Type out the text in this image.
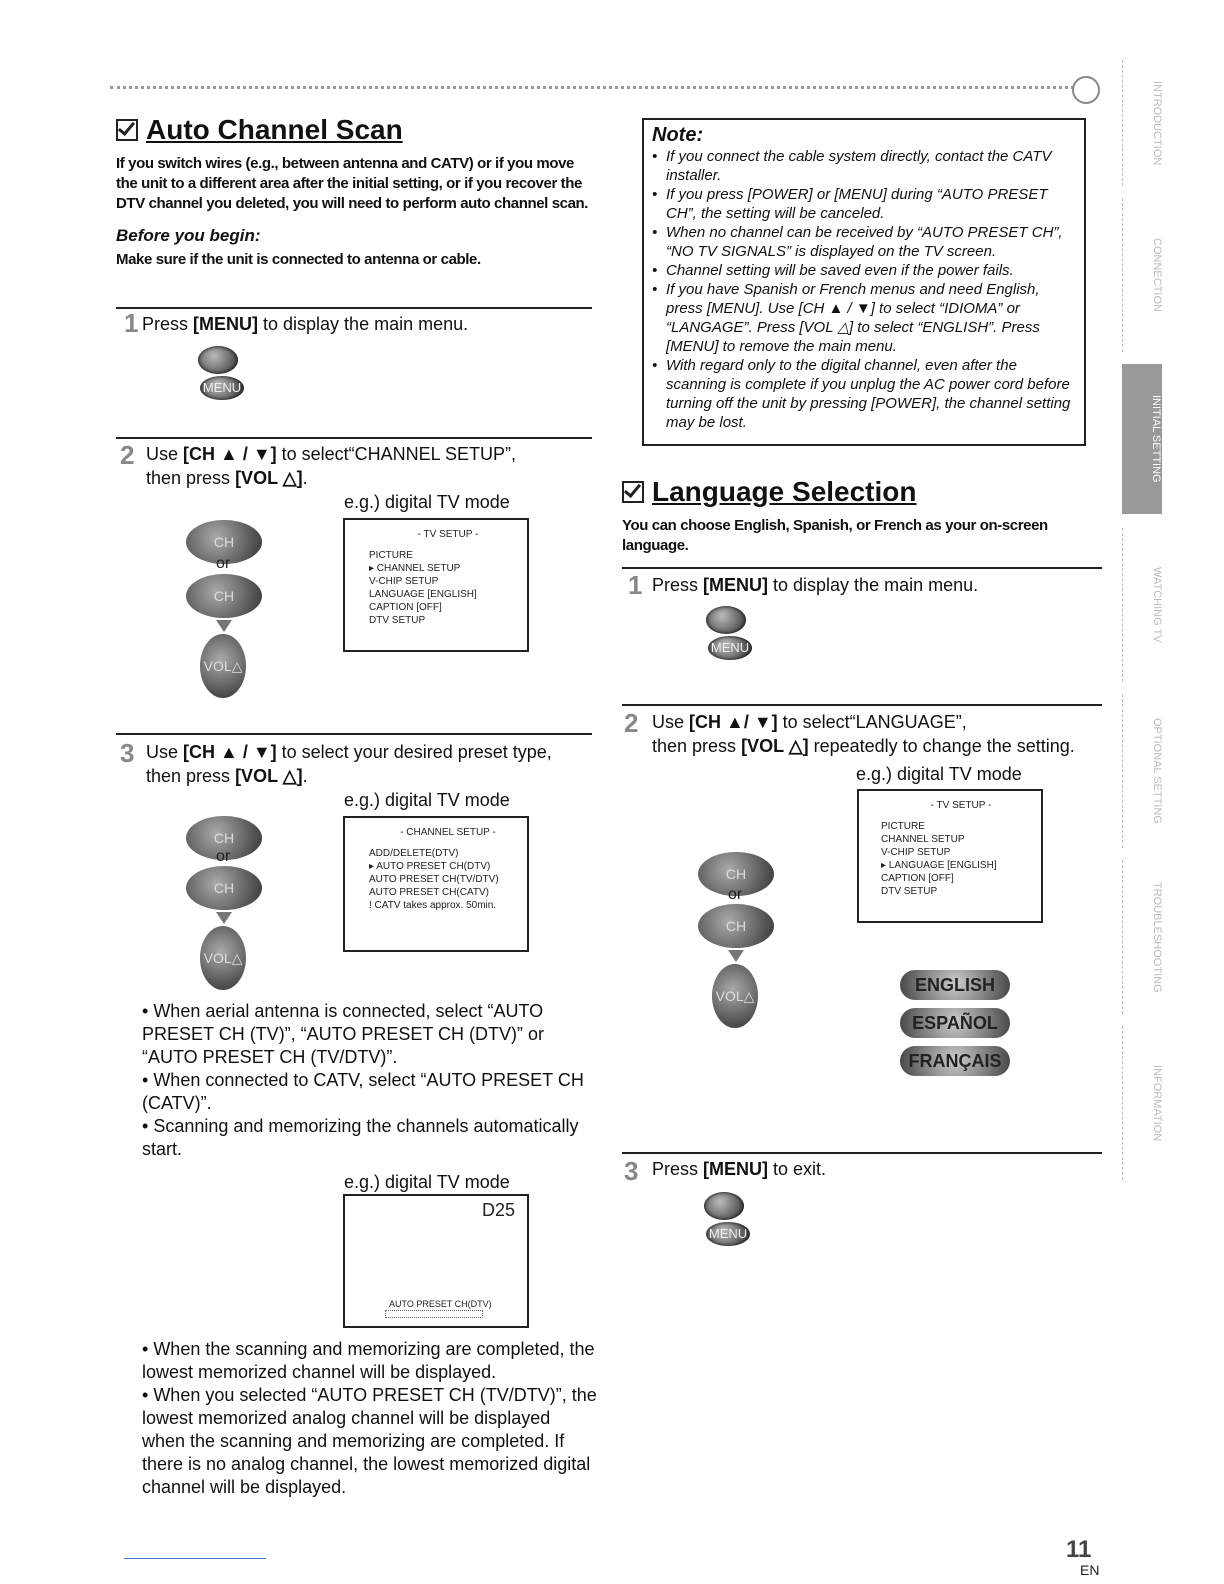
Auto Channel Scan
If you switch wires (e.g., between antenna and CATV) or if you move the unit to a different area after the initial setting, or if you recover the DTV channel you deleted, you will need to perform auto channel scan.
Before you begin:
Make sure if the unit is connected to antenna or cable.
1 Press [MENU] to display the main menu.
MENU
2 Use [CH ▲ / ▼] to select“CHANNEL SETUP”,
then press [VOL △].
e.g.) digital TV mode
CH
or
CH
VOL△
- TV SETUP -
PICTURE
▸ CHANNEL SETUP
V-CHIP SETUP
LANGUAGE [ENGLISH]
CAPTION [OFF]
DTV SETUP
3 Use [CH ▲ / ▼] to select your desired preset type,
then press [VOL △].
e.g.) digital TV mode
CH
or
CH
VOL△
- CHANNEL SETUP -
ADD/DELETE(DTV)
▸ AUTO PRESET CH(DTV)
AUTO PRESET CH(TV/DTV)
AUTO PRESET CH(CATV)
! CATV takes approx. 50min.
• When aerial antenna is connected, select “AUTO PRESET CH (TV)”, “AUTO PRESET CH (DTV)” or “AUTO PRESET CH (TV/DTV)”.
• When connected to CATV, select “AUTO PRESET CH (CATV)”.
• Scanning and memorizing the channels automatically start.
e.g.) digital TV mode
D25
AUTO PRESET CH(DTV)
• When the scanning and memorizing are completed, the lowest memorized channel will be displayed.
• When you selected “AUTO PRESET CH (TV/DTV)”, the lowest memorized analog channel will be displayed when the scanning and memorizing are completed. If there is no analog channel, the lowest memorized digital channel will be displayed.
Note:
• If you connect the cable system directly, contact the CATV installer.
• If you press [POWER] or [MENU] during “AUTO PRESET CH”, the setting will be canceled.
• When no channel can be received by “AUTO PRESET CH”, “NO TV SIGNALS” is displayed on the TV screen.
• Channel setting will be saved even if the power fails.
• If you have Spanish or French menus and need English, press [MENU]. Use [CH ▲ / ▼] to select “IDIOMA” or “LANGAGE”. Press [VOL △] to select “ENGLISH”. Press [MENU] to remove the main menu.
• With regard only to the digital channel, even after the scanning is complete if you unplug the AC power cord before turning off the unit by pressing [POWER], the channel setting may be lost.
Language Selection
You can choose English, Spanish, or French as your on-screen language.
1 Press [MENU] to display the main menu.
MENU
2 Use [CH ▲/ ▼] to select“LANGUAGE”,
then press [VOL △] repeatedly to change the setting.
e.g.) digital TV mode
- TV SETUP -
PICTURE
CHANNEL SETUP
V-CHIP SETUP
▸ LANGUAGE [ENGLISH]
CAPTION [OFF]
DTV SETUP
CH
or
CH
VOL△
ENGLISH
ESPAÑOL
FRANÇAIS
3 Press [MENU] to exit.
MENU
INTRODUCTION
CONNECTION
INITIAL SETTING
WATCHING TV
OPTIONAL SETTING
TROUBLESHOOTING
INFORMATION
11
EN
